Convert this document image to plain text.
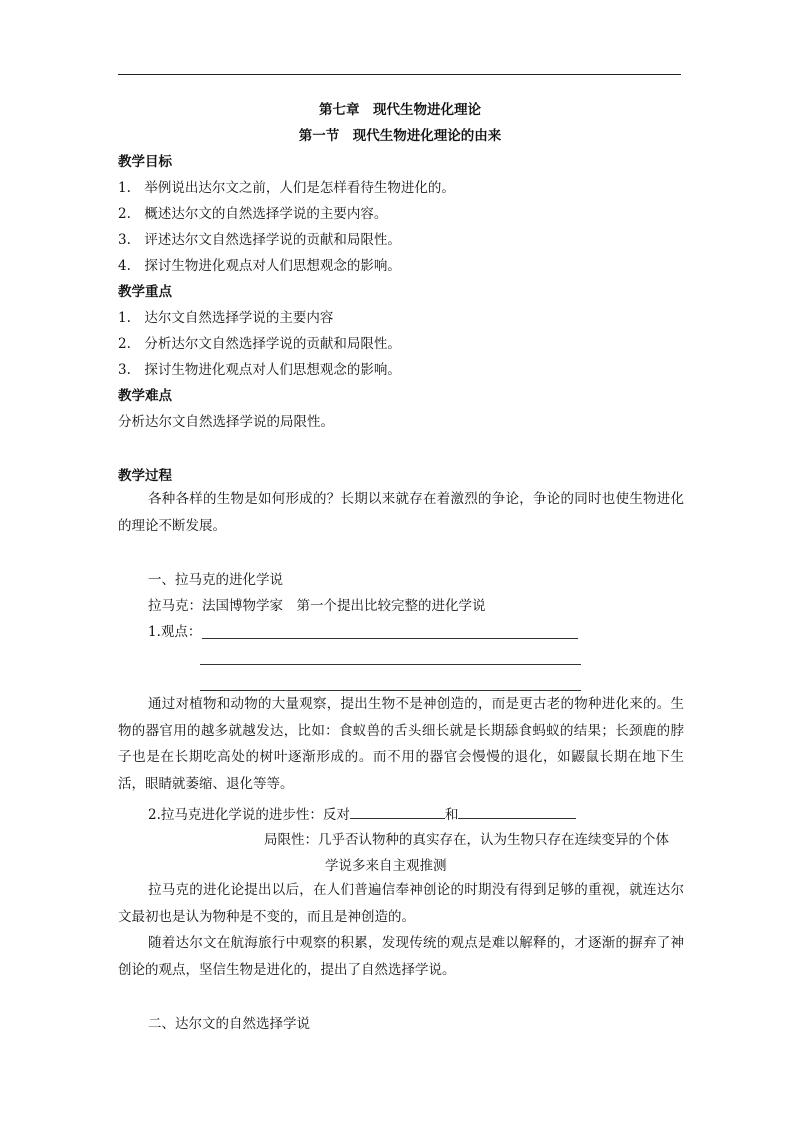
第七章　现代生物进化理论
第一节　现代生物进化理论的由来
教学目标
1.　举例说出达尔文之前，人们是怎样看待生物进化的。
2.　概述达尔文的自然选择学说的主要内容。
3.　评述达尔文自然选择学说的贡献和局限性。
4.　探讨生物进化观点对人们思想观念的影响。
教学重点
1.　达尔文自然选择学说的主要内容
2.　分析达尔文自然选择学说的贡献和局限性。
3.　探讨生物进化观点对人们思想观念的影响。
教学难点
分析达尔文自然选择学说的局限性。
教学过程
各种各样的生物是如何形成的？长期以来就存在着激烈的争论，争论的同时也使生物进化的理论不断发展。
一、拉马克的进化学说
拉马克：法国博物学家　第一个提出比较完整的进化学说
1.观点：
通过对植物和动物的大量观察，提出生物不是神创造的，而是更古老的物种进化来的。生物的器官用的越多就越发达，比如：食蚁兽的舌头细长就是长期舔食蚂蚁的结果；长颈鹿的脖子也是在长期吃高处的树叶逐渐形成的。而不用的器官会慢慢的退化，如鼹鼠长期在地下生活，眼睛就萎缩、退化等等。
2.拉马克进化学说的进步性：反对	和
局限性：几乎否认物种的真实存在，认为生物只存在连续变异的个体
学说多来自主观推测
拉马克的进化论提出以后，在人们普遍信奉神创论的时期没有得到足够的重视，就连达尔文最初也是认为物种是不变的，而且是神创造的。
随着达尔文在航海旅行中观察的积累，发现传统的观点是难以解释的，才逐渐的摒弃了神创论的观点，坚信生物是进化的，提出了自然选择学说。
二、达尔文的自然选择学说
